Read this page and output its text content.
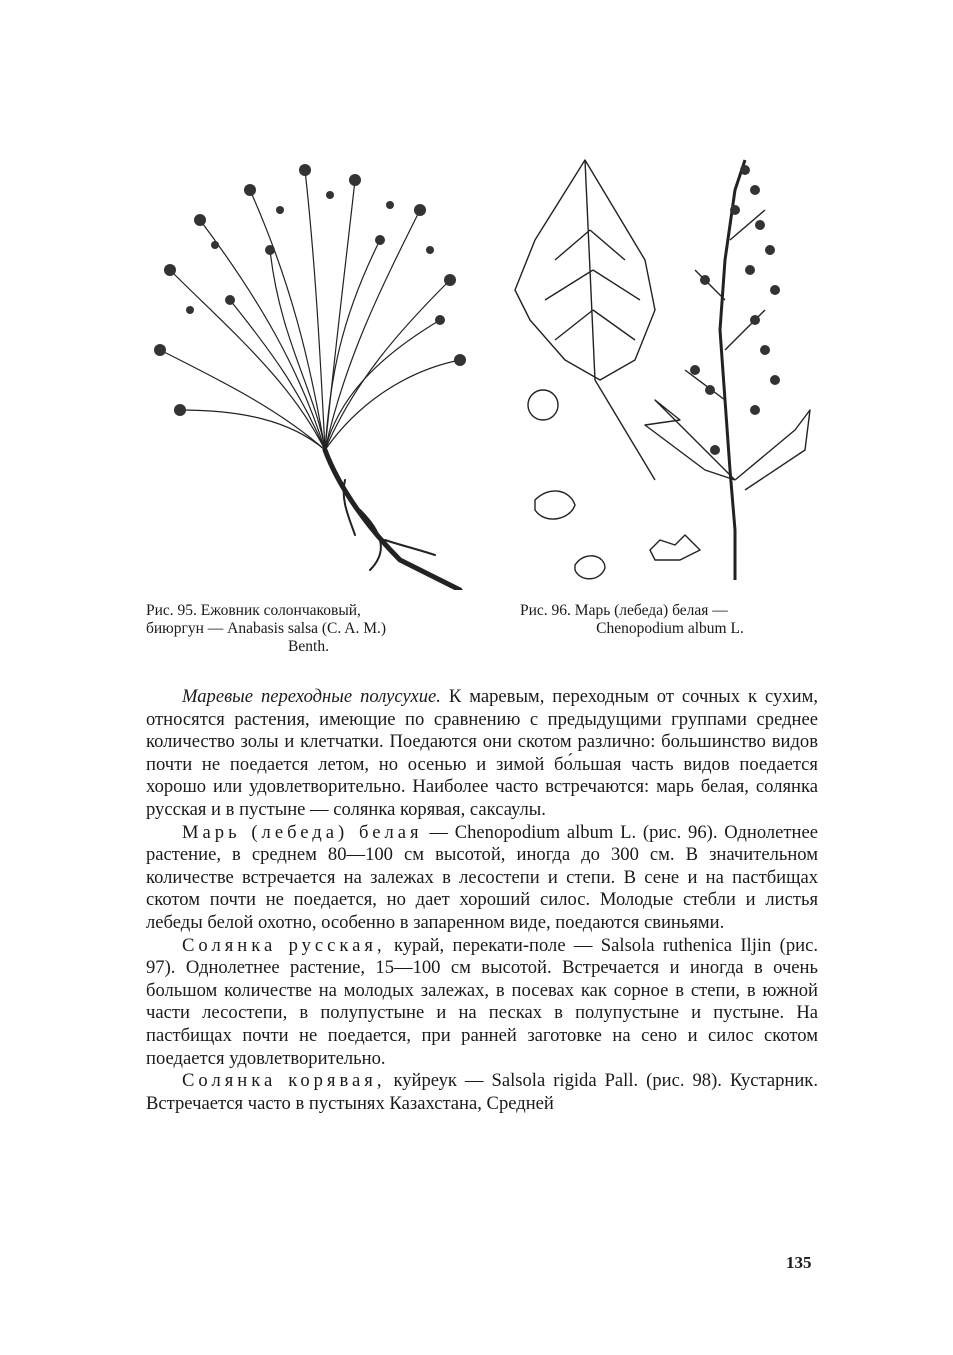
Рис. 95. Ежовник солончаковый,
биюргун — Anabasis salsa (C. A. M.)

Benth.
Рис. 96. Марь (лебеда) белая —

Chenopodium album L.

Маревые переходные полусухие. К маревым, переходным от сочных к сухим, относятся растения, имеющие по сравнению с предыдущими группами среднее количество золы и клетчатки. Поедаются они скотом различно: большинство видов почти не поедается летом, но осенью и зимой бо́льшая часть видов поедается хорошо или удовлетворительно. Наиболее часто встречаются: марь белая, солянка русская и в пустыне — солянка корявая, саксаулы.

Марь (лебеда) белая — Chenopodium album L. (рис. 96). Однолетнее растение, в среднем 80—100 см высотой, иногда до 300 см. В значительном количестве встречается на залежах в лесостепи и степи. В сене и на пастбищах скотом почти не поедается, но дает хороший силос. Молодые стебли и листья лебеды белой охотно, особенно в запаренном виде, поедаются свиньями.

Солянка русская, курай, перекати-поле — Salsola ruthenica Iljin (рис. 97). Однолетнее растение, 15—100 см высотой. Встречается и иногда в очень большом количестве на молодых залежах, в посевах как сорное в степи, в южной части лесостепи, в полупустыне и на песках в полупустыне и пустыне. На пастбищах почти не поедается, при ранней заготовке на сено и силос скотом поедается удовлетворительно.

Солянка корявая, куйреук — Salsola rigida Pall. (рис. 98). Кустарник. Встречается часто в пустынях Казахстана, Средней

135
